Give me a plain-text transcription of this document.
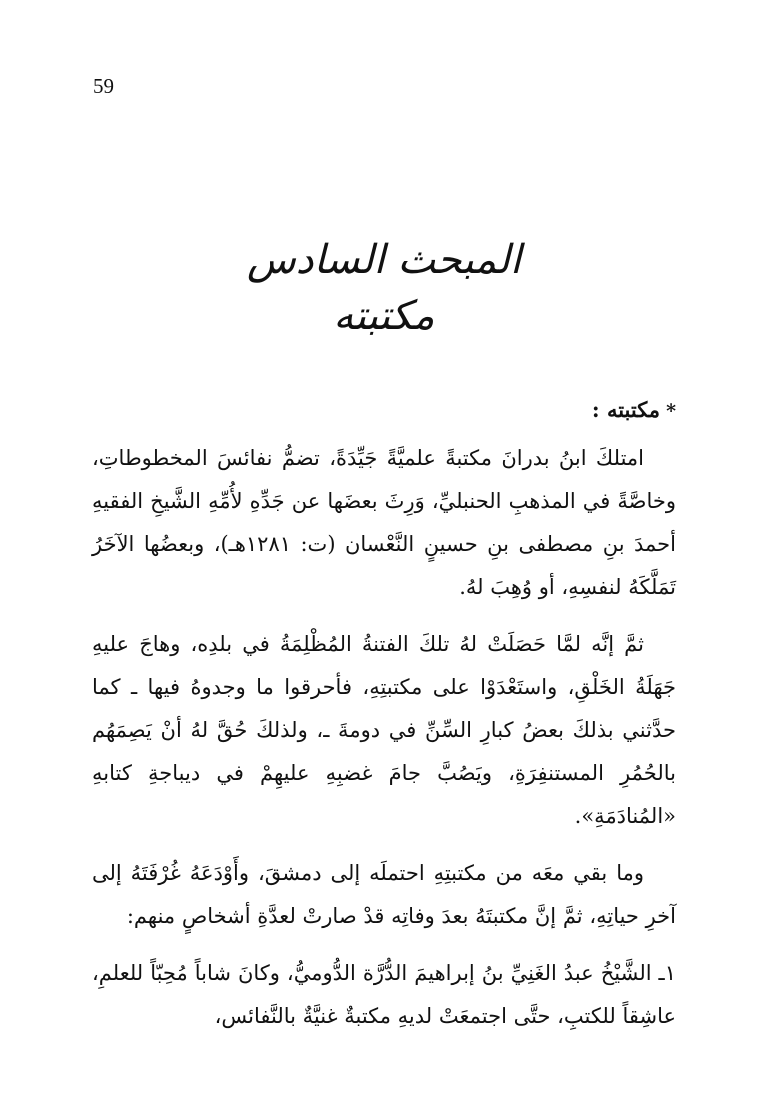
59
المبحث السادس
مكتبته
*مكتبته :

امتلكَ ابنُ بدرانَ مكتبةً علميَّةً جَيِّدَةً، تضمُّ نفائسَ المخطوطاتِ، وخاصَّةً في المذهبِ الحنبليِّ، وَرِثَ بعضَها عن جَدِّهِ لأُمِّهِ الشَّيخِ الفقيهِ أحمدَ بنِ مصطفى بنِ حسينٍ النَّعْسان (ت: ١٢٨١هـ)، وبعضُها الآخَرُ تَمَلَّكَهُ لنفسِهِ، أو وُهِبَ لهُ.

ثمَّ إنَّه لمَّا حَصَلَتْ لهُ تلكَ الفتنةُ المُظْلِمَةُ في بلدِه، وهاجَ عليهِ جَهَلَةُ الخَلْقِ، واستَعْدَوْا على مكتبتِهِ، فأحرقوا ما وجدوهُ فيها ـ كما حدَّثني بذلكَ بعضُ كبارِ السِّنِّ في دومةَ ـ، ولذلكَ حُقَّ لهُ أنْ يَصِمَهُم بالحُمُرِ المستنفِرَةِ، ويَصُبَّ جامَ غضبِهِ عليهِمْ في ديباجةِ كتابهِ «المُنادَمَةِ».

وما بقي معَه من مكتبتِهِ احتملَه إلى دمشقَ، وأَوْدَعَهُ غُرْفَتَهُ إلى آخرِ حياتِهِ، ثمَّ إنَّ مكتبتَهُ بعدَ وفاتِه قدْ صارتْ لعدَّةِ أشخاصٍ منهم:

١ـ الشَّيْخُ عبدُ الغَنِيِّ بنُ إبراهيمَ الدُّرَّة الدُّوميُّ، وكانَ شاباً مُحِبّاً للعلمِ، عاشِقاً للكتبِ، حتَّى اجتمعَتْ لديهِ مكتبةٌ غنيَّةٌ بالنَّفائس،
